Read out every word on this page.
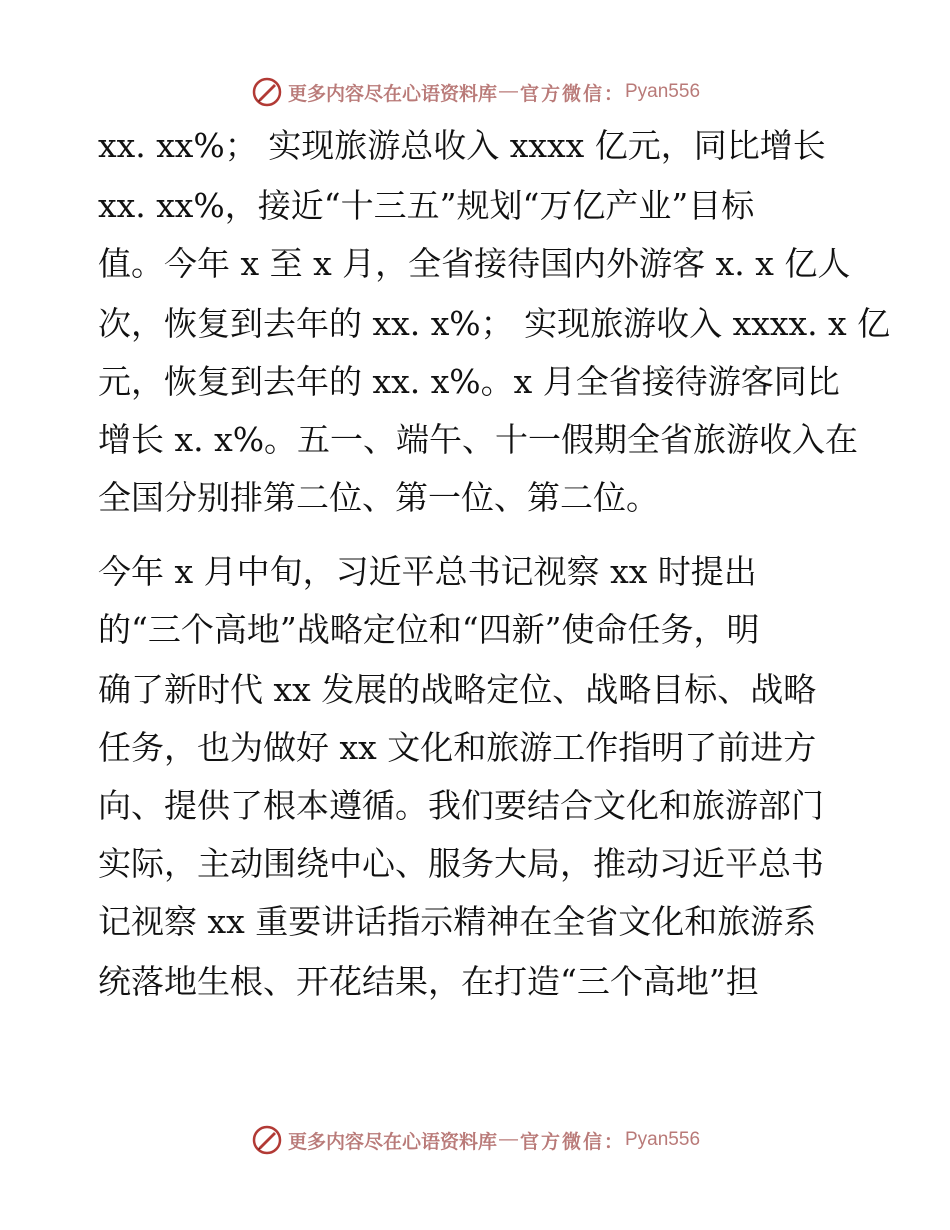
更多内容尽在心语资料库 — 官方微信： Pyan556
xx. xx%； 实现旅游总收入 xxxx 亿元，同比增长
xx. xx%，接近“十三五”规划“万亿产业”目标
值。今年 x 至 x 月，全省接待国内外游客 x. x 亿人
次，恢复到去年的 xx. x%； 实现旅游收入 xxxx. x 亿
元，恢复到去年的 xx. x%。x 月全省接待游客同比
增长 x. x%。五一、端午、十一假期全省旅游收入在
全国分别排第二位、第一位、第二位。
今年 x 月中旬，习近平总书记视察 xx 时提出
的“三个高地”战略定位和“四新”使命任务，明
确了新时代 xx 发展的战略定位、战略目标、战略
任务，也为做好 xx 文化和旅游工作指明了前进方
向、提供了根本遵循。我们要结合文化和旅游部门
实际，主动围绕中心、服务大局，推动习近平总书
记视察 xx 重要讲话指示精神在全省文化和旅游系
统落地生根、开花结果，在打造“三个高地”担
更多内容尽在心语资料库 — 官方微信： Pyan556
